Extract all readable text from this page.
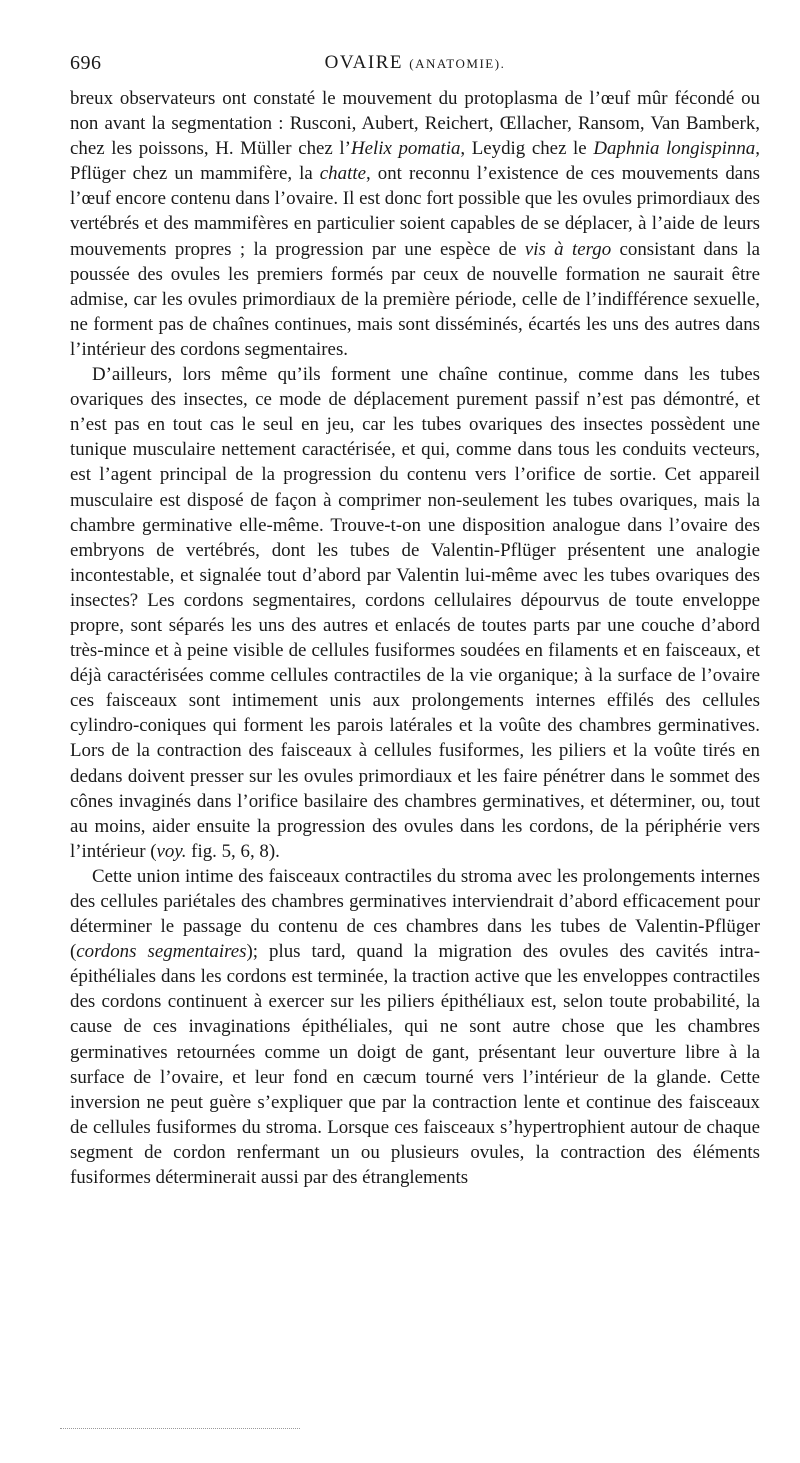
696	OVAIRE (ANATOMIE).

breux observateurs ont constaté le mouvement du protoplasma de l’œuf mûr fécondé ou non avant la segmentation : Rusconi, Aubert, Reichert, Œllacher, Ransom, Van Bamberk, chez les poissons, H. Müller chez l’Helix pomatia, Leydig chez le Daphnia longispinna, Pflüger chez un mammifère, la chatte, ont reconnu l’existence de ces mouvements dans l’œuf encore contenu dans l’ovaire. Il est donc fort possible que les ovules primordiaux des vertébrés et des mammifères en particulier soient capables de se déplacer, à l’aide de leurs mouvements propres ; la progression par une espèce de vis à tergo consistant dans la poussée des ovules les premiers formés par ceux de nouvelle formation ne saurait être admise, car les ovules primordiaux de la première période, celle de l’indifférence sexuelle, ne forment pas de chaînes continues, mais sont disséminés, écartés les uns des autres dans l’intérieur des cordons segmentaires.

D’ailleurs, lors même qu’ils forment une chaîne continue, comme dans les tubes ovariques des insectes, ce mode de déplacement purement passif n’est pas démontré, et n’est pas en tout cas le seul en jeu, car les tubes ovariques des insectes possèdent une tunique musculaire nettement caractérisée, et qui, comme dans tous les conduits vecteurs, est l’agent principal de la progression du contenu vers l’orifice de sortie. Cet appareil musculaire est disposé de façon à comprimer non-seulement les tubes ovariques, mais la chambre germinative elle-même. Trouve-t-on une disposition analogue dans l’ovaire des embryons de vertébrés, dont les tubes de Valentin-Pflüger présentent une analogie incontestable, et signalée tout d’abord par Valentin lui-même avec les tubes ovariques des insectes? Les cordons segmentaires, cordons cellulaires dépourvus de toute enveloppe propre, sont séparés les uns des autres et enlacés de toutes parts par une couche d’abord très-mince et à peine visible de cellules fusiformes soudées en filaments et en faisceaux, et déjà caractérisées comme cellules contractiles de la vie organique; à la surface de l’ovaire ces faisceaux sont intimement unis aux prolongements internes effilés des cellules cylindro-coniques qui forment les parois latérales et la voûte des chambres germinatives. Lors de la contraction des faisceaux à cellules fusiformes, les piliers et la voûte tirés en dedans doivent presser sur les ovules primordiaux et les faire pénétrer dans le sommet des cônes invaginés dans l’orifice basilaire des chambres germinatives, et déterminer, ou, tout au moins, aider ensuite la progression des ovules dans les cordons, de la périphérie vers l’intérieur (voy. fig. 5, 6, 8).

Cette union intime des faisceaux contractiles du stroma avec les prolongements internes des cellules pariétales des chambres germinatives interviendrait d’abord efficacement pour déterminer le passage du contenu de ces chambres dans les tubes de Valentin-Pflüger (cordons segmentaires); plus tard, quand la migration des ovules des cavités intra-épithéliales dans les cordons est terminée, la traction active que les enveloppes contractiles des cordons continuent à exercer sur les piliers épithéliaux est, selon toute probabilité, la cause de ces invaginations épithéliales, qui ne sont autre chose que les chambres germinatives retournées comme un doigt de gant, présentant leur ouverture libre à la surface de l’ovaire, et leur fond en cæcum tourné vers l’intérieur de la glande. Cette inversion ne peut guère s’expliquer que par la contraction lente et continue des faisceaux de cellules fusiformes du stroma. Lorsque ces faisceaux s’hypertrophient autour de chaque segment de cordon renfermant un ou plusieurs ovules, la contraction des éléments fusiformes déterminerait aussi par des étranglements
